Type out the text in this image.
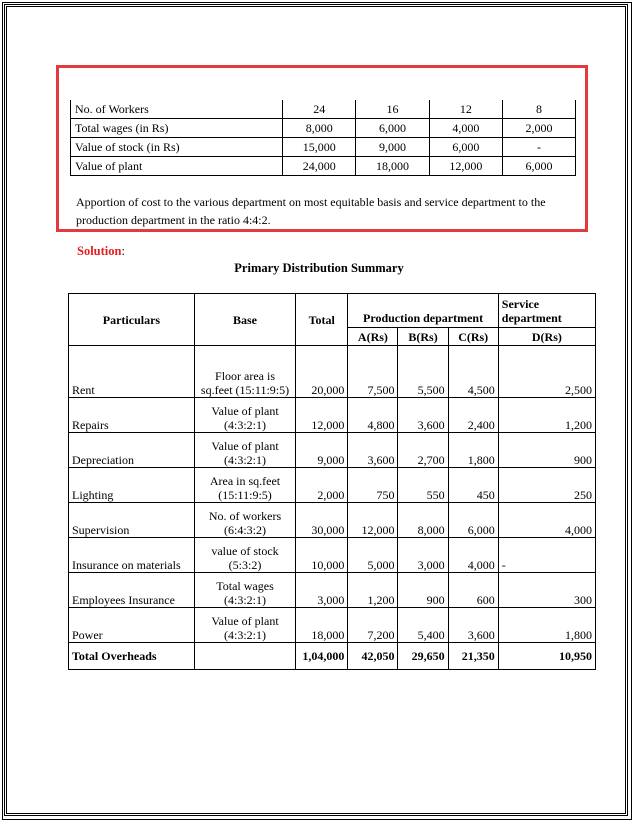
No. of Workers	24	16	12	8
Total wages (in Rs)	8,000	6,000	4,000	2,000
Value of stock (in Rs)	15,000	9,000	6,000	-
Value of plant	24,000	18,000	12,000	6,000
Apportion of cost to the various department on most equitable basis and service department to the production department in the ratio 4:4:2.
Solution:
Primary Distribution Summary
Particulars	Base	Total	Production department			Service
department

			A(Rs)	B(Rs)	C(Rs)	D(Rs)
Rent	Floor area is sq.feet (15:11:9:5)	20,000	7,500	5,500	4,500	2,500
Repairs	Value of plant (4:3:2:1)	12,000	4,800	3,600	2,400	1,200
Depreciation	Value of plant (4:3:2:1)	9,000	3,600	2,700	1,800	900
Lighting	Area in sq.feet (15:11:9:5)	2,000	750	550	450	250
Supervision	No. of workers (6:4:3:2)	30,000	12,000	8,000	6,000	4,000
Insurance on materials	value of stock (5:3:2)	10,000	5,000	3,000	4,000	-
Employees Insurance	Total wages (4:3:2:1)	3,000	1,200	900	600	300
Power	Value of plant (4:3:2:1)	18,000	7,200	5,400	3,600	1,800
Total Overheads		1,04,000	42,050	29,650	21,350	10,950
